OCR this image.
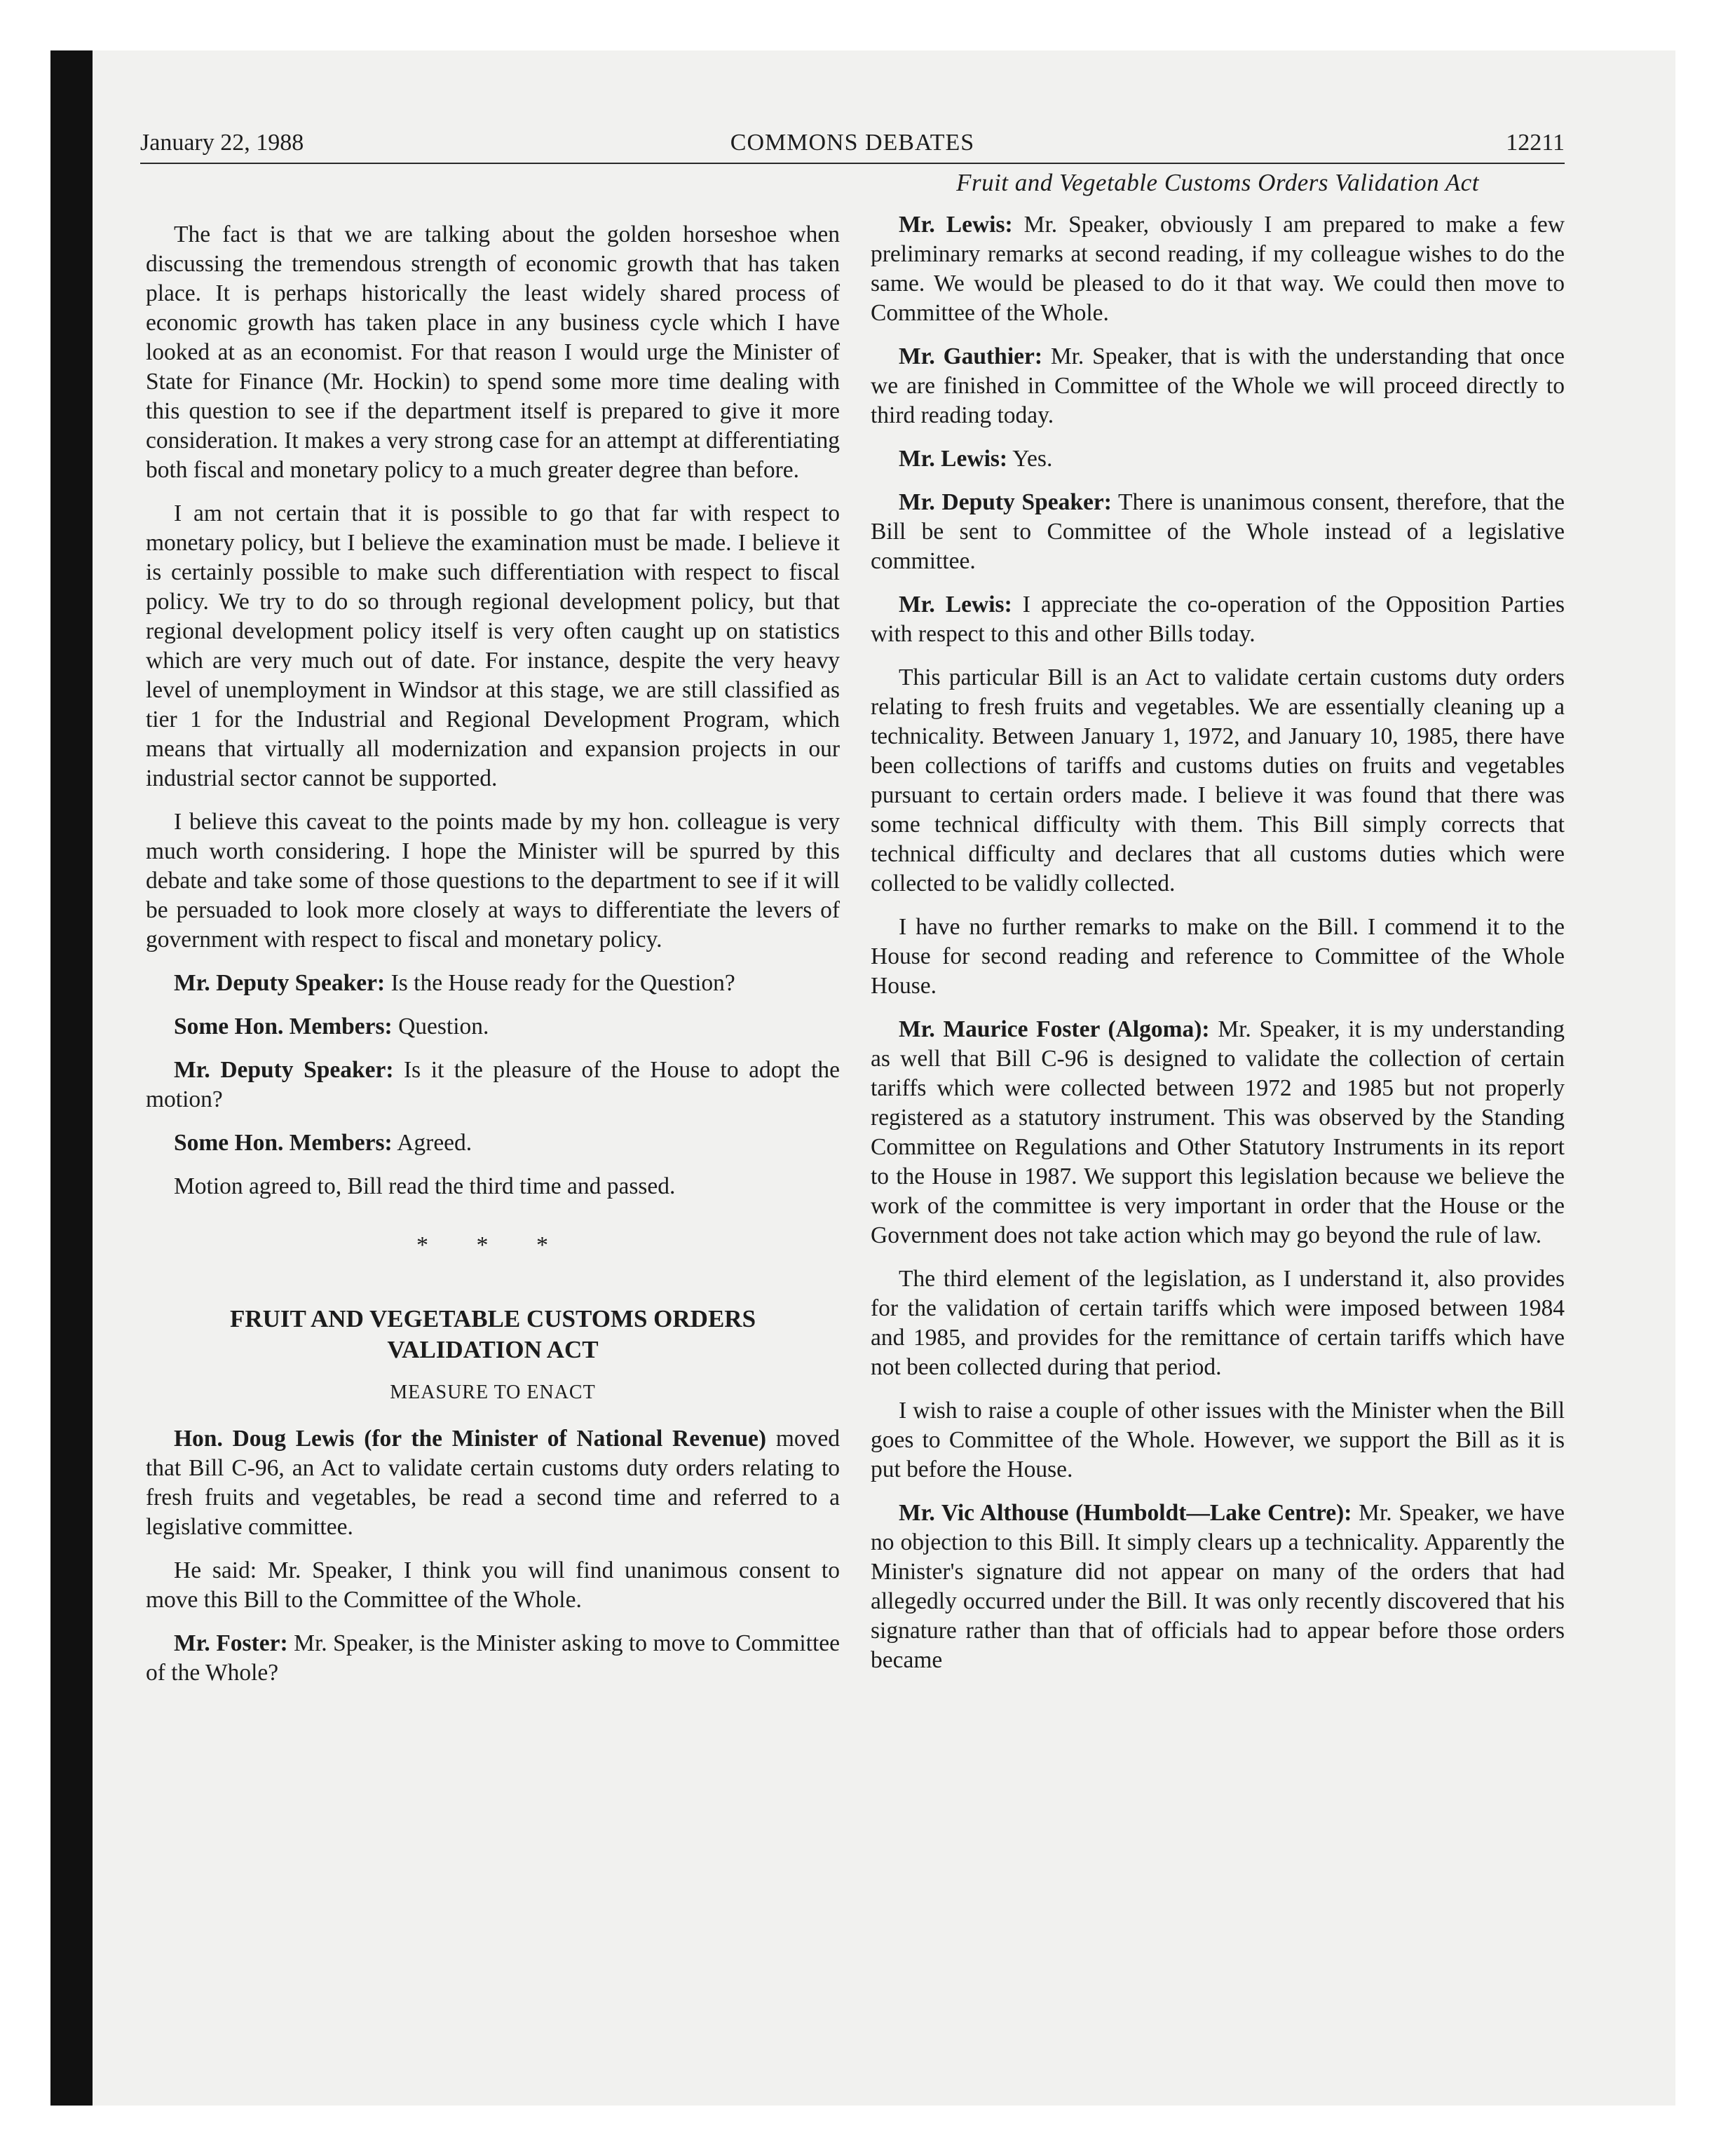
January 22, 1988	COMMONS DEBATES	12211

The fact is that we are talking about the golden horseshoe when discussing the tremendous strength of economic growth that has taken place. It is perhaps historically the least widely shared process of economic growth has taken place in any business cycle which I have looked at as an economist. For that reason I would urge the Minister of State for Finance (Mr. Hockin) to spend some more time dealing with this question to see if the department itself is prepared to give it more consideration. It makes a very strong case for an attempt at differentiating both fiscal and monetary policy to a much greater degree than before.

I am not certain that it is possible to go that far with respect to monetary policy, but I believe the examination must be made. I believe it is certainly possible to make such differentiation with respect to fiscal policy. We try to do so through regional development policy, but that regional development policy itself is very often caught up on statistics which are very much out of date. For instance, despite the very heavy level of unemployment in Windsor at this stage, we are still classified as tier 1 for the Industrial and Regional Development Program, which means that virtually all modernization and expansion projects in our industrial sector cannot be supported.

I believe this caveat to the points made by my hon. colleague is very much worth considering. I hope the Minister will be spurred by this debate and take some of those questions to the department to see if it will be persuaded to look more closely at ways to differentiate the levers of government with respect to fiscal and monetary policy.

Mr. Deputy Speaker: Is the House ready for the Question?

Some Hon. Members: Question.

Mr. Deputy Speaker: Is it the pleasure of the House to adopt the motion?

Some Hon. Members: Agreed.

Motion agreed to, Bill read the third time and passed.

* * *
FRUIT AND VEGETABLE CUSTOMS ORDERS
VALIDATION ACT
MEASURE TO ENACT

Hon. Doug Lewis (for the Minister of National Revenue) moved that Bill C-96, an Act to validate certain customs duty orders relating to fresh fruits and vegetables, be read a second time and referred to a legislative committee.

He said: Mr. Speaker, I think you will find unanimous consent to move this Bill to the Committee of the Whole.

Mr. Foster: Mr. Speaker, is the Minister asking to move to Committee of the Whole?

Fruit and Vegetable Customs Orders Validation Act

Mr. Lewis: Mr. Speaker, obviously I am prepared to make a few preliminary remarks at second reading, if my colleague wishes to do the same. We would be pleased to do it that way. We could then move to Committee of the Whole.

Mr. Gauthier: Mr. Speaker, that is with the understanding that once we are finished in Committee of the Whole we will proceed directly to third reading today.

Mr. Lewis: Yes.

Mr. Deputy Speaker: There is unanimous consent, therefore, that the Bill be sent to Committee of the Whole instead of a legislative committee.

Mr. Lewis: I appreciate the co-operation of the Opposition Parties with respect to this and other Bills today.

This particular Bill is an Act to validate certain customs duty orders relating to fresh fruits and vegetables. We are essentially cleaning up a technicality. Between January 1, 1972, and January 10, 1985, there have been collections of tariffs and customs duties on fruits and vegetables pursuant to certain orders made. I believe it was found that there was some technical difficulty with them. This Bill simply corrects that technical difficulty and declares that all customs duties which were collected to be validly collected.

I have no further remarks to make on the Bill. I commend it to the House for second reading and reference to Committee of the Whole House.

Mr. Maurice Foster (Algoma): Mr. Speaker, it is my understanding as well that Bill C-96 is designed to validate the collection of certain tariffs which were collected between 1972 and 1985 but not properly registered as a statutory instrument. This was observed by the Standing Committee on Regulations and Other Statutory Instruments in its report to the House in 1987. We support this legislation because we believe the work of the committee is very important in order that the House or the Government does not take action which may go beyond the rule of law.

The third element of the legislation, as I understand it, also provides for the validation of certain tariffs which were imposed between 1984 and 1985, and provides for the remittance of certain tariffs which have not been collected during that period.

I wish to raise a couple of other issues with the Minister when the Bill goes to Committee of the Whole. However, we support the Bill as it is put before the House.

Mr. Vic Althouse (Humboldt—Lake Centre): Mr. Speaker, we have no objection to this Bill. It simply clears up a technicality. Apparently the Minister's signature did not appear on many of the orders that had allegedly occurred under the Bill. It was only recently discovered that his signature rather than that of officials had to appear before those orders became
